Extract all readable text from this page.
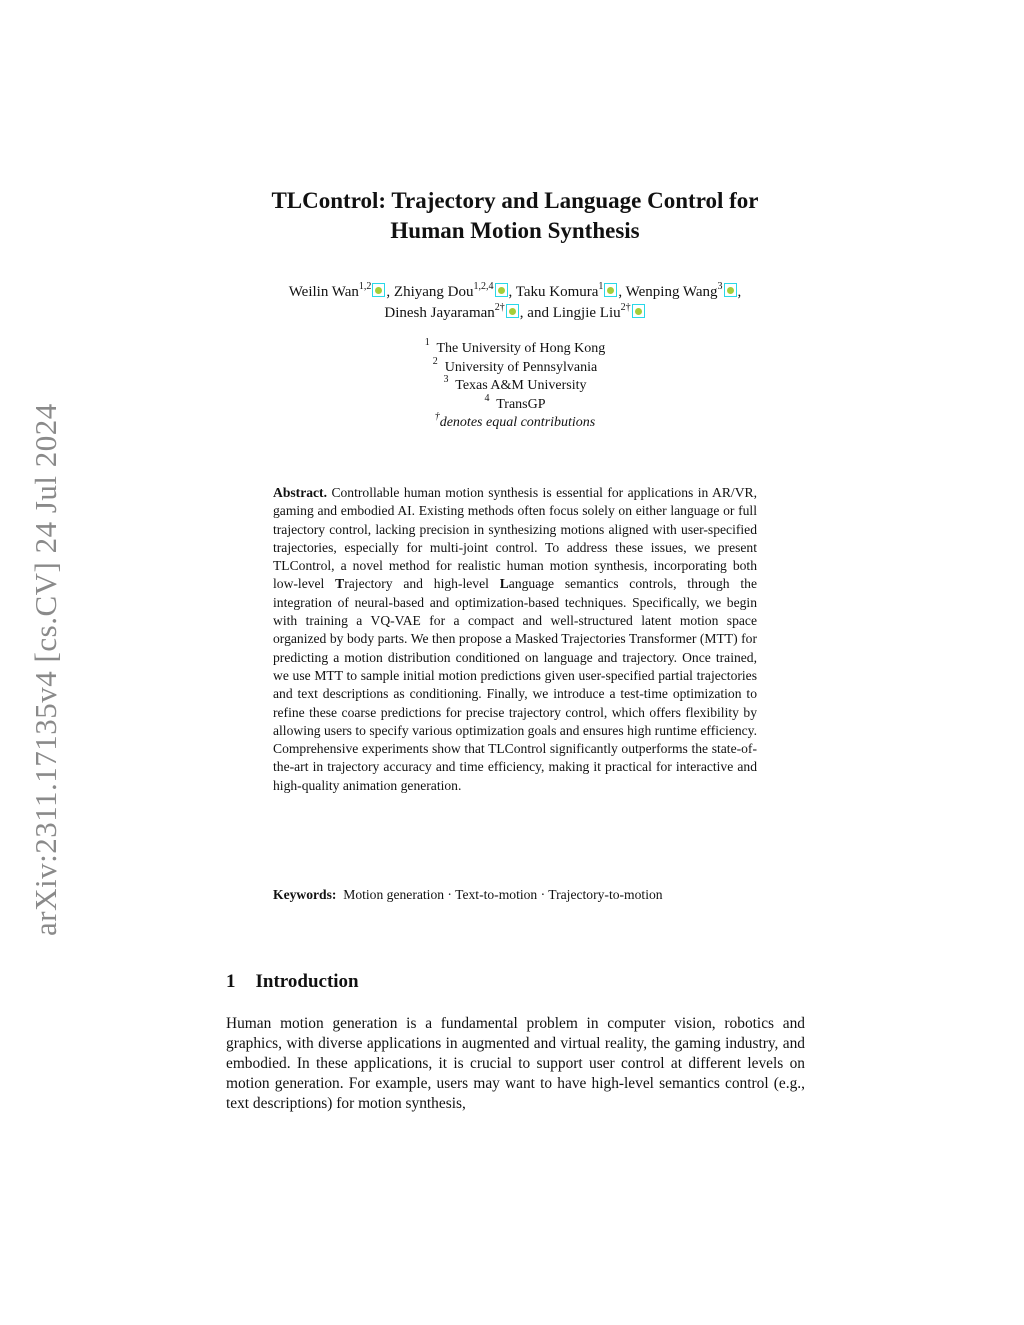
arXiv:2311.17135v4 [cs.CV] 24 Jul 2024
TLControl: Trajectory and Language Control for
Human Motion Synthesis
Weilin Wan$^{1,2}$ , Zhiyang Dou$^{1,2,4}$ , Taku Komura$^1$ , Wenping Wang$^3$ ,
Dinesh Jayaraman$^{2\dagger}$ , and Lingjie Liu$^{2\dagger}$
$^1$ The University of Hong Kong
$^2$ University of Pennsylvania
$^3$ Texas A&M University
$^4$ TransGP
†denotes equal contributions
Abstract. Controllable human motion synthesis is essential for applications in AR/VR, gaming and embodied AI. Existing methods often focus solely on either language or full trajectory control, lacking precision in synthesizing motions aligned with user-specified trajectories, especially for multi-joint control. To address these issues, we present TLControl, a novel method for realistic human motion synthesis, incorporating both low-level Trajectory and high-level Language semantics controls, through the integration of neural-based and optimization-based techniques. Specifically, we begin with training a VQ-VAE for a compact and well-structured latent motion space organized by body parts. We then propose a Masked Trajectories Transformer (MTT) for predicting a motion distribution conditioned on language and trajectory. Once trained, we use MTT to sample initial motion predictions given user-specified partial trajectories and text descriptions as conditioning. Finally, we introduce a test-time optimization to refine these coarse predictions for precise trajectory control, which offers flexibility by allowing users to specify various optimization goals and ensures high runtime efficiency. Comprehensive experiments show that TLControl significantly outperforms the state-of-the-art in trajectory accuracy and time efficiency, making it practical for interactive and high-quality animation generation.
Keywords: Motion generation · Text-to-motion · Trajectory-to-motion
1 Introduction

Human motion generation is a fundamental problem in computer vision, robotics and graphics, with diverse applications in augmented and virtual reality, the gaming industry, and embodied. In these applications, it is crucial to support user control at different levels on motion generation. For example, users may want to have high-level semantics control (e.g., text descriptions) for motion synthesis,
